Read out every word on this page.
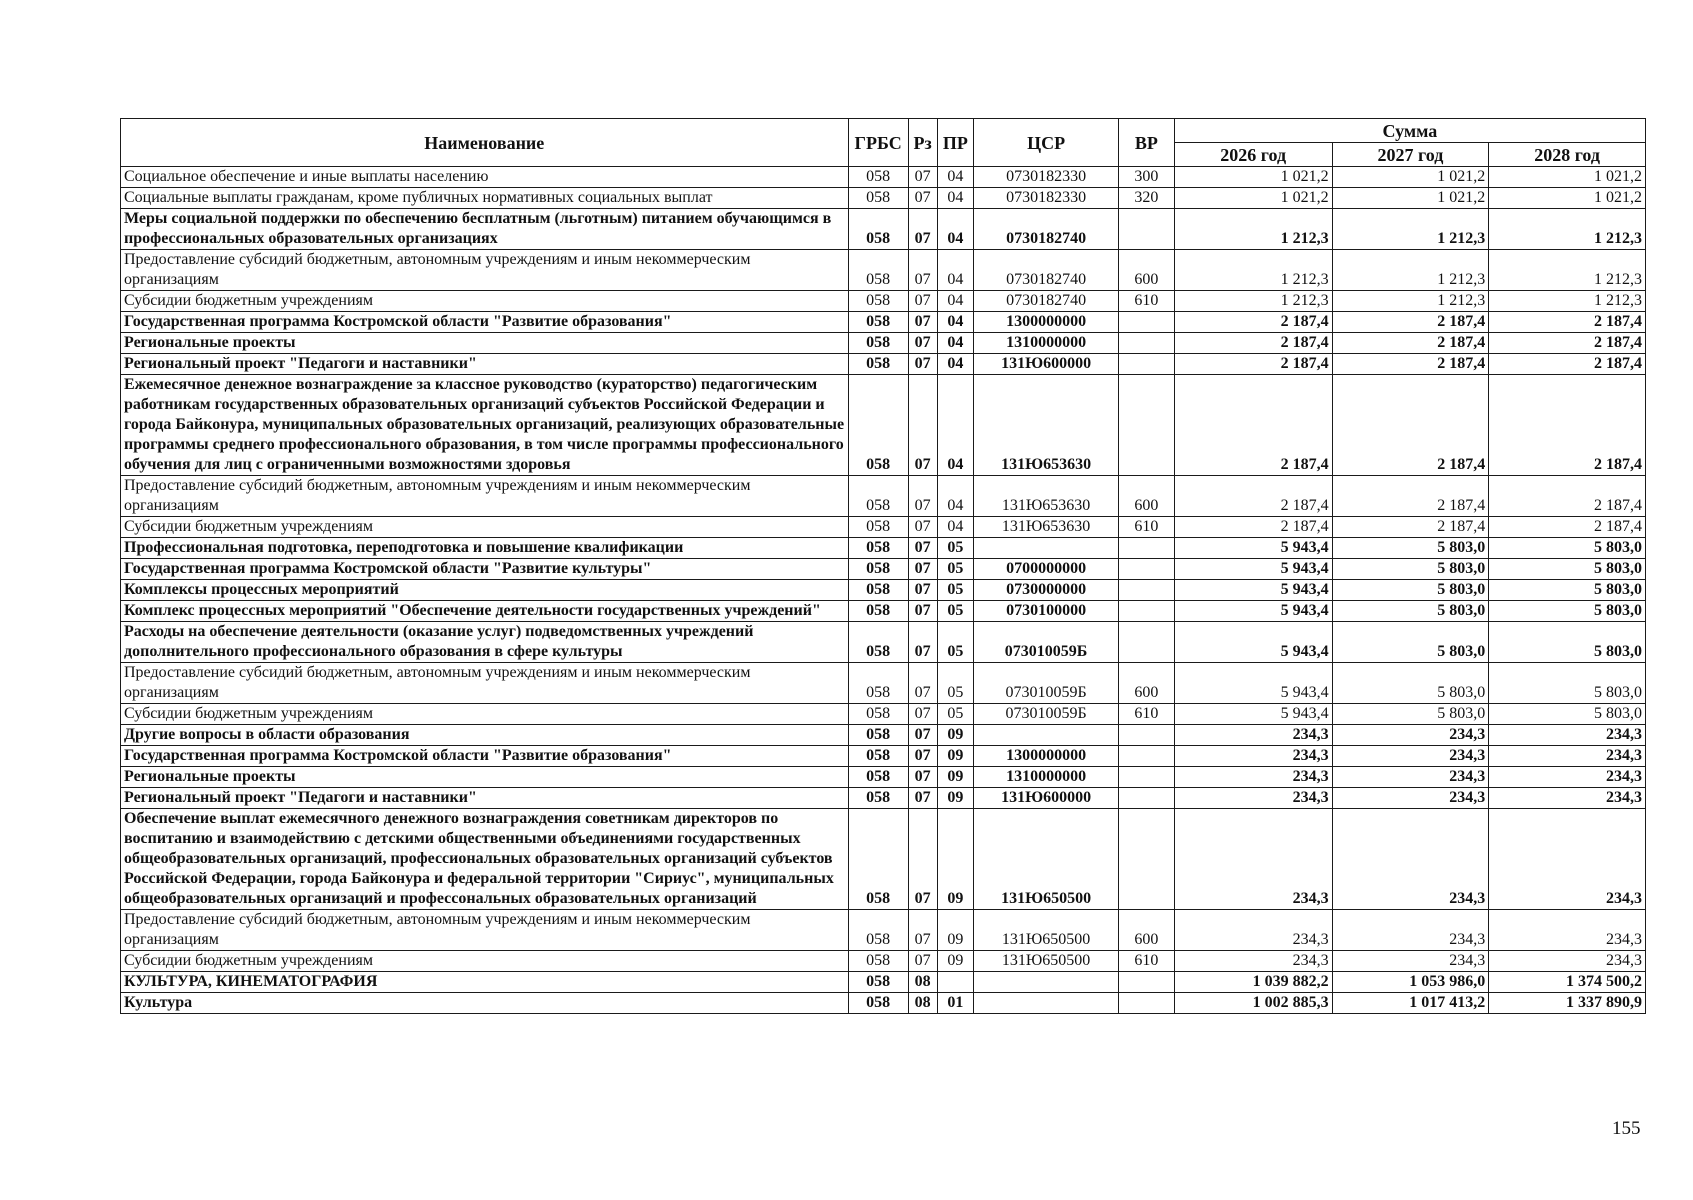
Наименование	ГРБС	Рз	ПР	ЦСР	ВР	Сумма		
						2026 год	2027 год	2028 год
Социальное обеспечение и иные выплаты населению	058	07	04	0730182330	300	1 021,2	1 021,2	1 021,2
Социальные выплаты гражданам, кроме публичных нормативных социальных выплат	058	07	04	0730182330	320	1 021,2	1 021,2	1 021,2
Меры социальной поддержки по обеспечению бесплатным (льготным) питанием обучающимся в профессиональных образовательных организациях	058	07	04	0730182740		1 212,3	1 212,3	1 212,3
Предоставление субсидий бюджетным, автономным учреждениям и иным некоммерческим организациям	058	07	04	0730182740	600	1 212,3	1 212,3	1 212,3
Субсидии бюджетным учреждениям	058	07	04	0730182740	610	1 212,3	1 212,3	1 212,3
Государственная программа Костромской области "Развитие образования"	058	07	04	1300000000		2 187,4	2 187,4	2 187,4
Региональные проекты	058	07	04	1310000000		2 187,4	2 187,4	2 187,4
Региональный проект "Педагоги и наставники"	058	07	04	131Ю600000		2 187,4	2 187,4	2 187,4
Ежемесячное денежное вознаграждение за классное руководство (кураторство) педагогическим работникам государственных образовательных организаций субъектов Российской Федерации и города Байконура, муниципальных образовательных организаций, реализующих образовательные программы среднего профессионального образования, в том числе программы профессионального обучения для лиц с ограниченными возможностями здоровья	058	07	04	131Ю653630		2 187,4	2 187,4	2 187,4
Предоставление субсидий бюджетным, автономным учреждениям и иным некоммерческим организациям	058	07	04	131Ю653630	600	2 187,4	2 187,4	2 187,4
Субсидии бюджетным учреждениям	058	07	04	131Ю653630	610	2 187,4	2 187,4	2 187,4
Профессиональная подготовка, переподготовка и повышение квалификации	058	07	05			5 943,4	5 803,0	5 803,0
Государственная программа Костромской области "Развитие культуры"	058	07	05	0700000000		5 943,4	5 803,0	5 803,0
Комплексы процессных мероприятий	058	07	05	0730000000		5 943,4	5 803,0	5 803,0
Комплекс процессных мероприятий "Обеспечение деятельности государственных учреждений"	058	07	05	0730100000		5 943,4	5 803,0	5 803,0
Расходы на обеспечение деятельности (оказание услуг) подведомственных учреждений дополнительного профессионального образования в сфере культуры	058	07	05	073010059Б		5 943,4	5 803,0	5 803,0
Предоставление субсидий бюджетным, автономным учреждениям и иным некоммерческим организациям	058	07	05	073010059Б	600	5 943,4	5 803,0	5 803,0
Субсидии бюджетным учреждениям	058	07	05	073010059Б	610	5 943,4	5 803,0	5 803,0
Другие вопросы в области образования	058	07	09			234,3	234,3	234,3
Государственная программа Костромской области "Развитие образования"	058	07	09	1300000000		234,3	234,3	234,3
Региональные проекты	058	07	09	1310000000		234,3	234,3	234,3
Региональный проект "Педагоги и наставники"	058	07	09	131Ю600000		234,3	234,3	234,3
Обеспечение выплат ежемесячного денежного вознаграждения советникам директоров по воспитанию и взаимодействию с детскими общественными объединениями государственных общеобразовательных организаций, профессиональных образовательных организаций субъектов Российской Федерации, города Байконура и федеральной территории "Сириус", муниципальных общеобразовательных организаций и профессональных образовательных организаций	058	07	09	131Ю650500		234,3	234,3	234,3
Предоставление субсидий бюджетным, автономным учреждениям и иным некоммерческим организациям	058	07	09	131Ю650500	600	234,3	234,3	234,3
Субсидии бюджетным учреждениям	058	07	09	131Ю650500	610	234,3	234,3	234,3
КУЛЬТУРА, КИНЕМАТОГРАФИЯ	058	08				1 039 882,2	1 053 986,0	1 374 500,2
Культура	058	08	01			1 002 885,3	1 017 413,2	1 337 890,9
155
